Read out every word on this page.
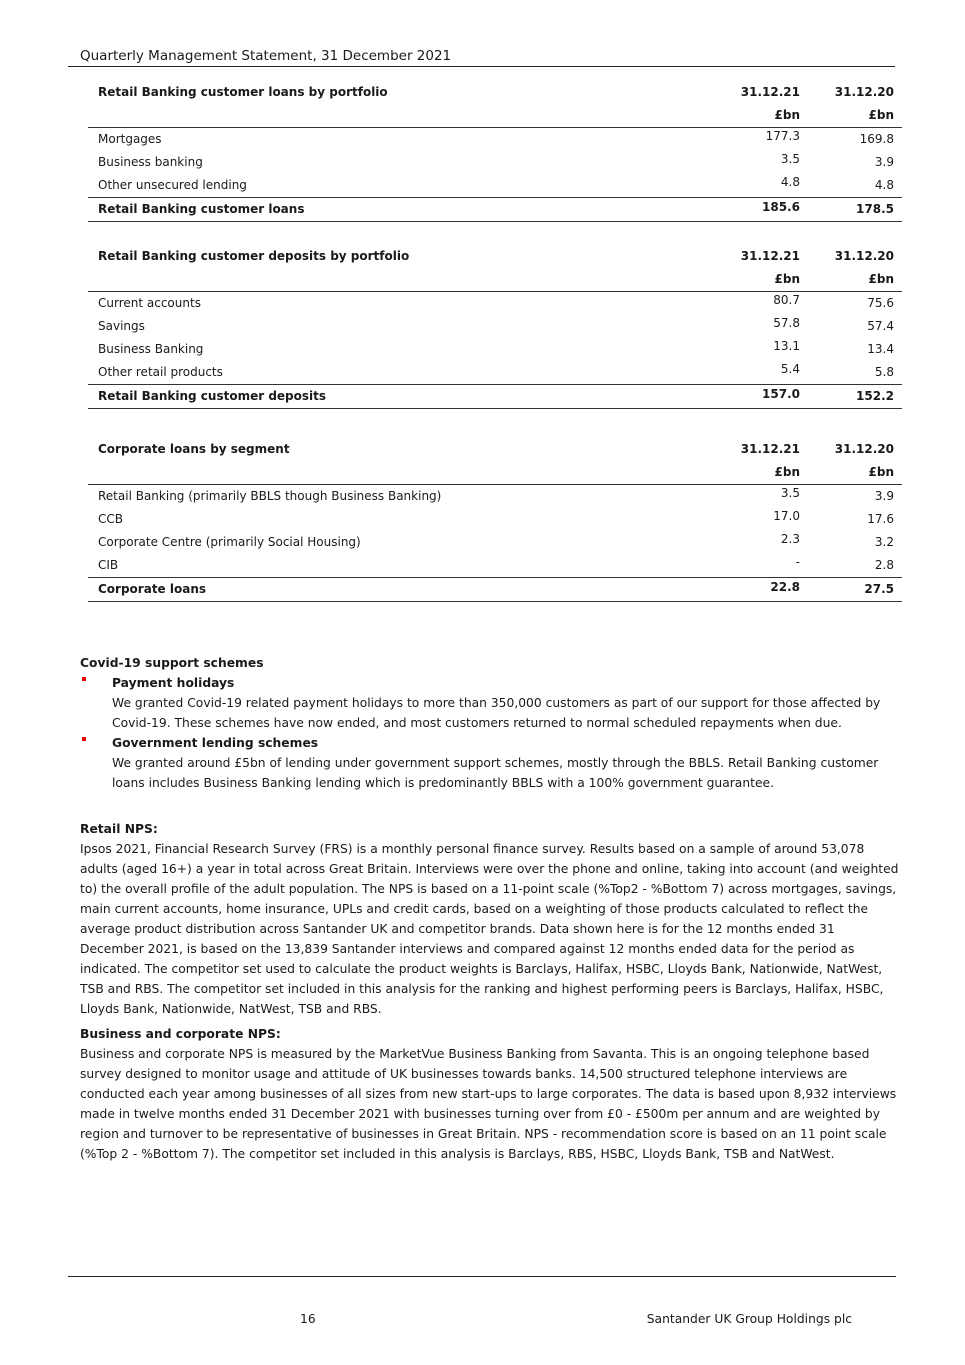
Quarterly Management Statement, 31 December 2021
Retail Banking customer loans by portfolio	31.12.21	31.12.20
£bn	£bn
Mortgages	177.3	169.8
Business banking	3.5	3.9
Other unsecured lending	4.8	4.8
Retail Banking customer loans	185.6	178.5
Retail Banking customer deposits by portfolio	31.12.21	31.12.20
£bn	£bn
Current accounts	80.7	75.6
Savings	57.8	57.4
Business Banking	13.1	13.4
Other retail products	5.4	5.8
Retail Banking customer deposits	157.0	152.2
Corporate loans by segment	31.12.21	31.12.20
£bn	£bn
Retail Banking (primarily BBLS though Business Banking)	3.5	3.9
CCB	17.0	17.6
Corporate Centre (primarily Social Housing)	2.3	3.2
CIB	-	2.8
Corporate loans	22.8	27.5

Covid-19 support schemes

Payment holidays

We granted Covid-19 related payment holidays to more than 350,000 customers as part of our support for those affected by Covid-19. These schemes have now ended, and most customers returned to normal scheduled repayments when due.

Government lending schemes

We granted around £5bn of lending under government support schemes, mostly through the BBLS. Retail Banking customer loans includes Business Banking lending which is predominantly BBLS with a 100% government guarantee.

Retail NPS:

Ipsos 2021, Financial Research Survey (FRS) is a monthly personal finance survey. Results based on a sample of around 53,078 adults (aged 16+) a year in total across Great Britain. Interviews were over the phone and online, taking into account (and weighted to) the overall profile of the adult population. The NPS is based on a 11-point scale (%Top2 - %Bottom 7) across mortgages, savings, main current accounts, home insurance, UPLs and credit cards, based on a weighting of those products calculated to reflect the average product distribution across Santander UK and competitor brands. Data shown here is for the 12 months ended 31 December 2021, is based on the 13,839 Santander interviews and compared against 12 months ended data for the period as indicated. The competitor set used to calculate the product weights is Barclays, Halifax, HSBC, Lloyds Bank, Nationwide, NatWest, TSB and RBS. The competitor set included in this analysis for the ranking and highest performing peers is Barclays, Halifax, HSBC, Lloyds Bank, Nationwide, NatWest, TSB and RBS.

Business and corporate NPS:

Business and corporate NPS is measured by the MarketVue Business Banking from Savanta. This is an ongoing telephone based survey designed to monitor usage and attitude of UK businesses towards banks. 14,500 structured telephone interviews are conducted each year among businesses of all sizes from new start-ups to large corporates. The data is based upon 8,932 interviews made in twelve months ended 31 December 2021 with businesses turning over from £0 - £500m per annum and are weighted by region and turnover to be representative of businesses in Great Britain. NPS - recommendation score is based on an 11 point scale (%Top 2 - %Bottom 7). The competitor set included in this analysis is Barclays, RBS, HSBC, Lloyds Bank, TSB and NatWest.

16	Santander UK Group Holdings plc
